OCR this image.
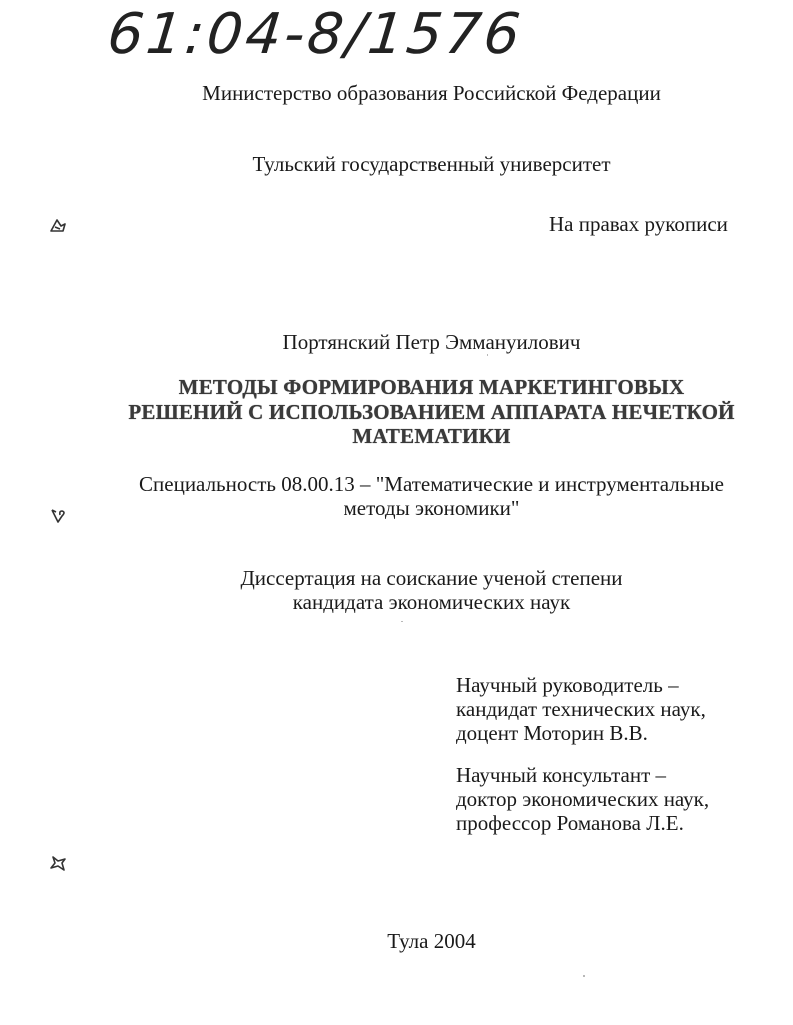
61:04-8/1576
Министерство образования Российской Федерации
Тульский государственный университет
На правах рукописи
Портянский Петр Эммануилович
МЕТОДЫ ФОРМИРОВАНИЯ МАРКЕТИНГОВЫХ
РЕШЕНИЙ С ИСПОЛЬЗОВАНИЕМ АППАРАТА НЕЧЕТКОЙ
МАТЕМАТИКИ
Специальность 08.00.13 – "Математические и инструментальные
методы экономики"
Диссертация на соискание ученой степени
кандидата экономических наук
Научный руководитель –
кандидат технических наук,
доцент Моторин В.В.
Научный консультант –
доктор экономических наук,
профессор Романова Л.Е.
Тула 2004
